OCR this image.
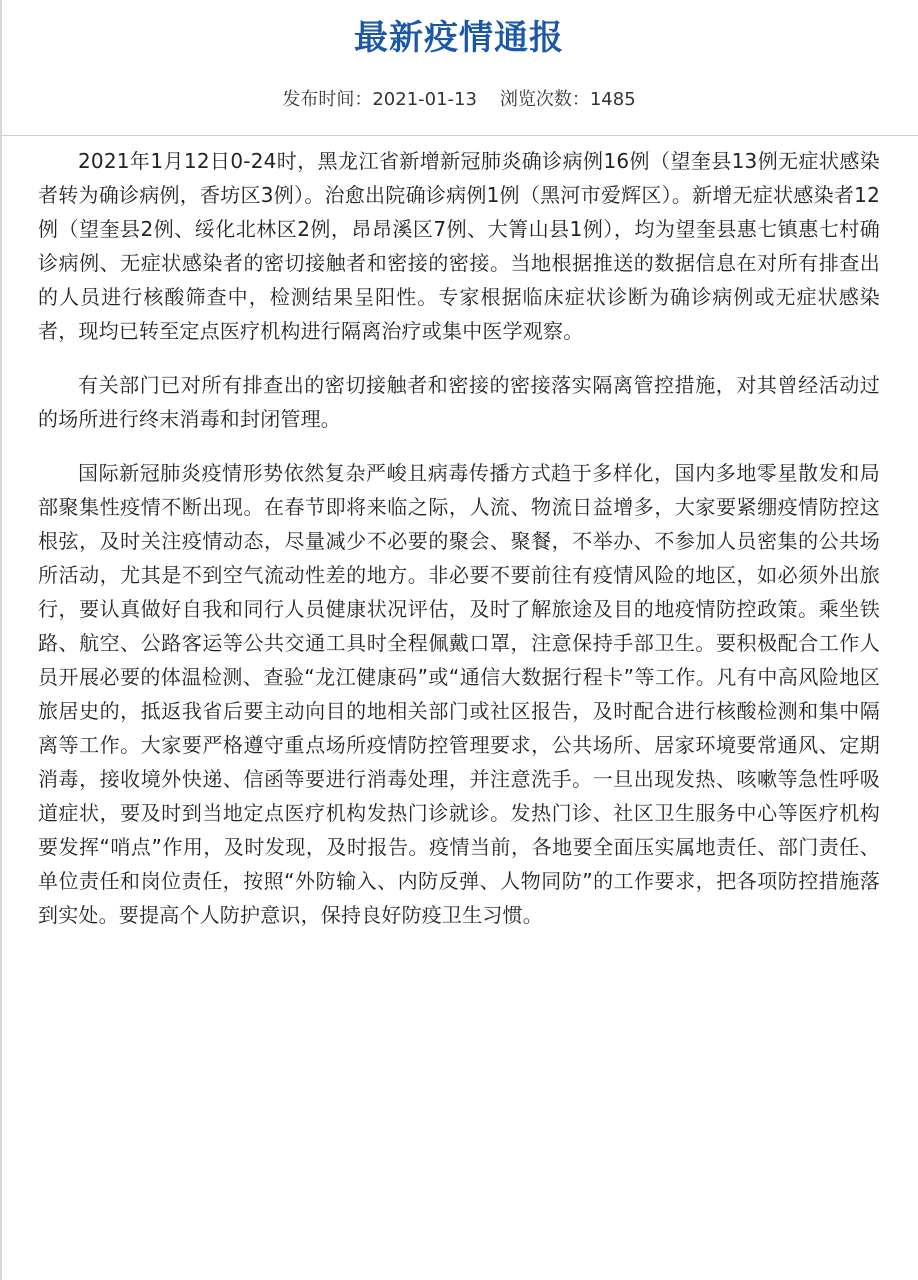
最新疫情通报
发布时间：2021-01-13 浏览次数：1485

2021年1月12日0-24时，黑龙江省新增新冠肺炎确诊病例16例（望奎县13例无症状感染者转为确诊病例，香坊区3例）。治愈出院确诊病例1例（黑河市爱辉区）。新增无症状感染者12例（望奎县2例、绥化北林区2例，昂昂溪区7例、大箐山县1例），均为望奎县惠七镇惠七村确诊病例、无症状感染者的密切接触者和密接的密接。当地根据推送的数据信息在对所有排查出的人员进行核酸筛查中，检测结果呈阳性。专家根据临床症状诊断为确诊病例或无症状感染者，现均已转至定点医疗机构进行隔离治疗或集中医学观察。

有关部门已对所有排查出的密切接触者和密接的密接落实隔离管控措施，对其曾经活动过的场所进行终末消毒和封闭管理。

国际新冠肺炎疫情形势依然复杂严峻且病毒传播方式趋于多样化，国内多地零星散发和局部聚集性疫情不断出现。在春节即将来临之际，人流、物流日益增多，大家要紧绷疫情防控这根弦，及时关注疫情动态，尽量减少不必要的聚会、聚餐，不举办、不参加人员密集的公共场所活动，尤其是不到空气流动性差的地方。非必要不要前往有疫情风险的地区，如必须外出旅行，要认真做好自我和同行人员健康状况评估，及时了解旅途及目的地疫情防控政策。乘坐铁路、航空、公路客运等公共交通工具时全程佩戴口罩，注意保持手部卫生。要积极配合工作人员开展必要的体温检测、查验“龙江健康码”或“通信大数据行程卡”等工作。凡有中高风险地区旅居史的，抵返我省后要主动向目的地相关部门或社区报告，及时配合进行核酸检测和集中隔离等工作。大家要严格遵守重点场所疫情防控管理要求，公共场所、居家环境要常通风、定期消毒，接收境外快递、信函等要进行消毒处理，并注意洗手。一旦出现发热、咳嗽等急性呼吸道症状，要及时到当地定点医疗机构发热门诊就诊。发热门诊、社区卫生服务中心等医疗机构要发挥“哨点”作用，及时发现，及时报告。疫情当前，各地要全面压实属地责任、部门责任、单位责任和岗位责任，按照“外防输入、内防反弹、人物同防”的工作要求，把各项防控措施落到实处。要提高个人防护意识，保持良好防疫卫生习惯。
